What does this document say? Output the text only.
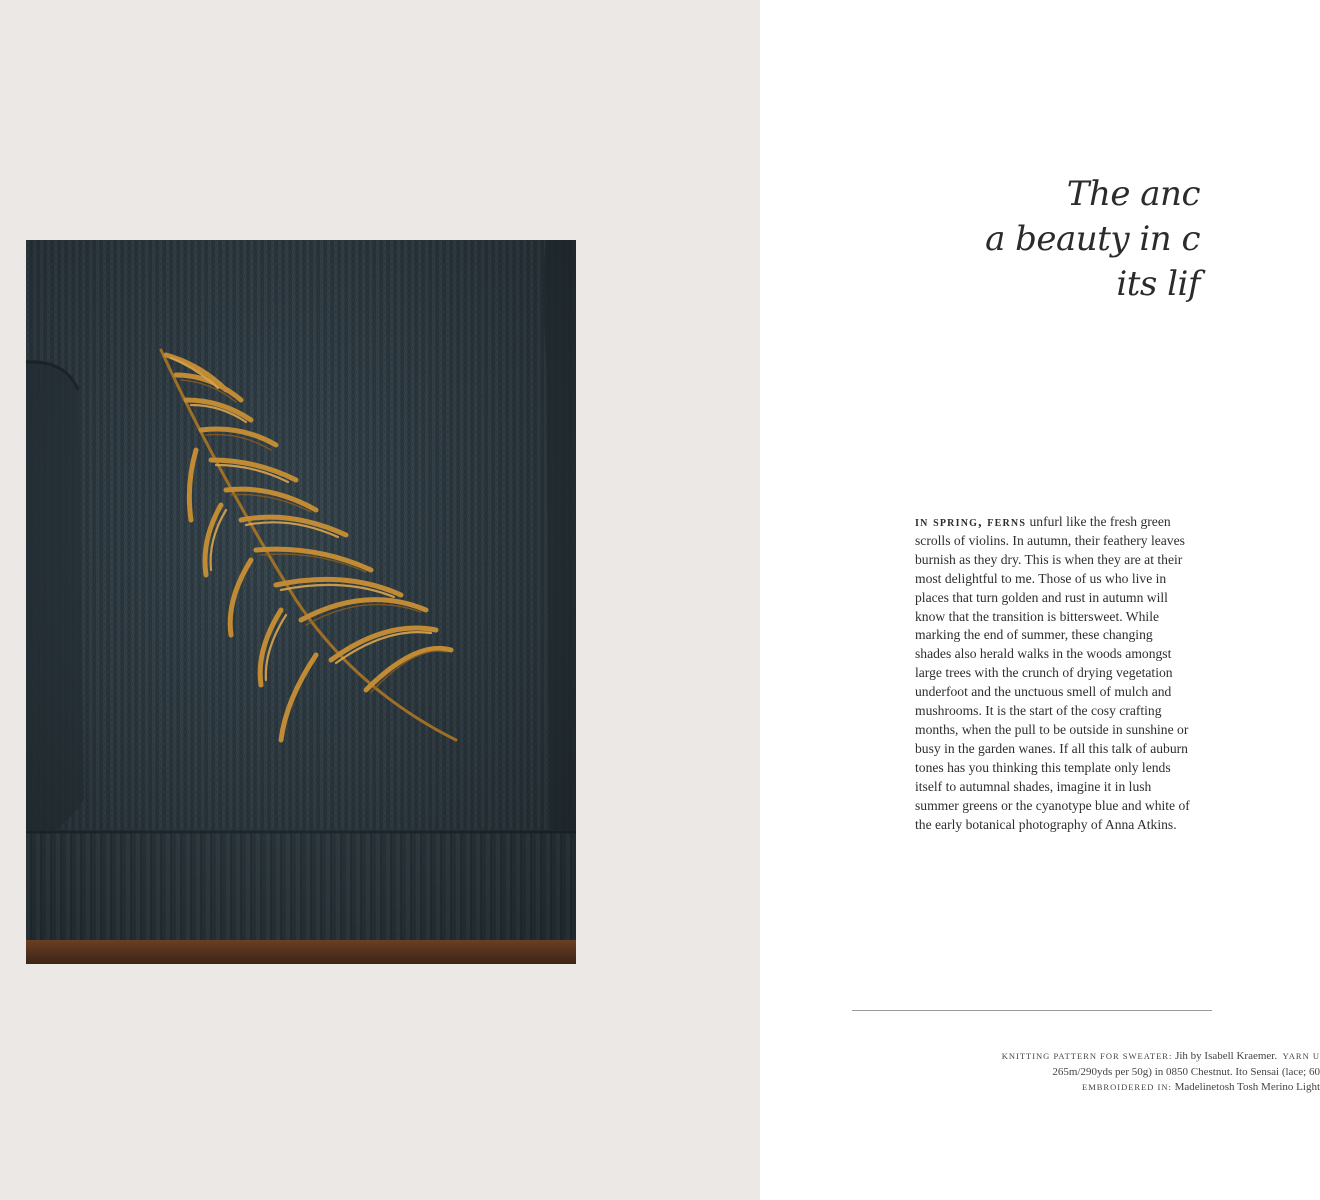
The anc
a beauty in c
its lif
in spring, ferns unfurl like the fresh green scrolls of violins. In autumn, their feathery leaves burnish as they dry. This is when they are at their most delightful to me. Those of us who live in places that turn golden and rust in autumn will know that the transition is bittersweet. While marking the end of summer, these changing shades also herald walks in the woods amongst large trees with the crunch of drying vegetation underfoot and the unctuous smell of mulch and mushrooms. It is the start of the cosy crafting months, when the pull to be outside in sunshine or busy in the garden wanes. If all this talk of auburn tones has you thinking this template only lends itself to autumnal shades, imagine it in lush summer greens or the cyanotype blue and white of the early botanical photography of Anna Atkins.
KNITTING PATTERN FOR SWEATER: Jih by Isabell Kraemer. YARN U
265m/290yds per 50g) in 0850 Chestnut. Ito Sensai (lace; 60
EMBROIDERED IN: Madelinetosh Tosh Merino Light
